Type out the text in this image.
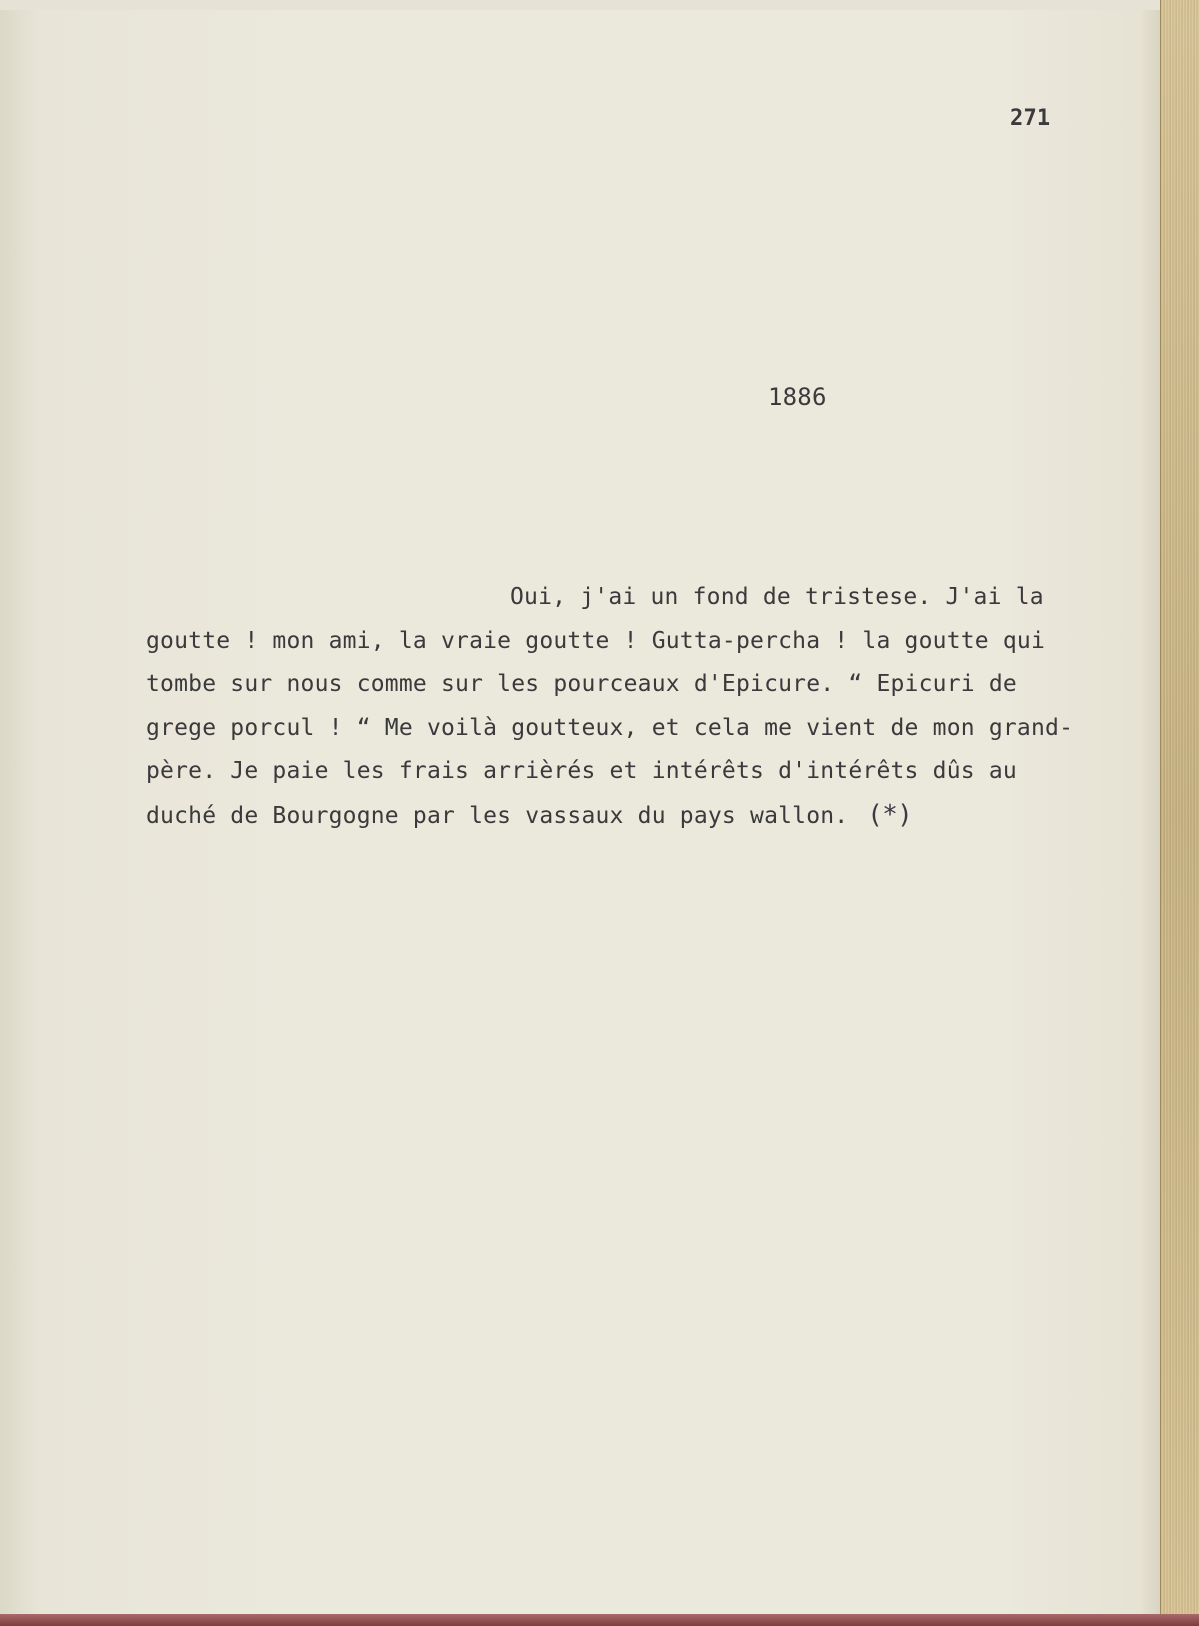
271
1886
Oui, j'ai un fond de tristese. J'ai la
goutte ! mon ami, la vraie goutte ! Gutta-percha ! la goutte qui
tombe sur nous comme sur les pourceaux d'Epicure. “ Epicuri de
grege porcul ! “ Me voilà goutteux, et cela me vient de mon grand-
père. Je paie les frais arrièrés et intérêts d'intérêts dûs au
duché de Bourgogne par les vassaux du pays wallon. (*)
